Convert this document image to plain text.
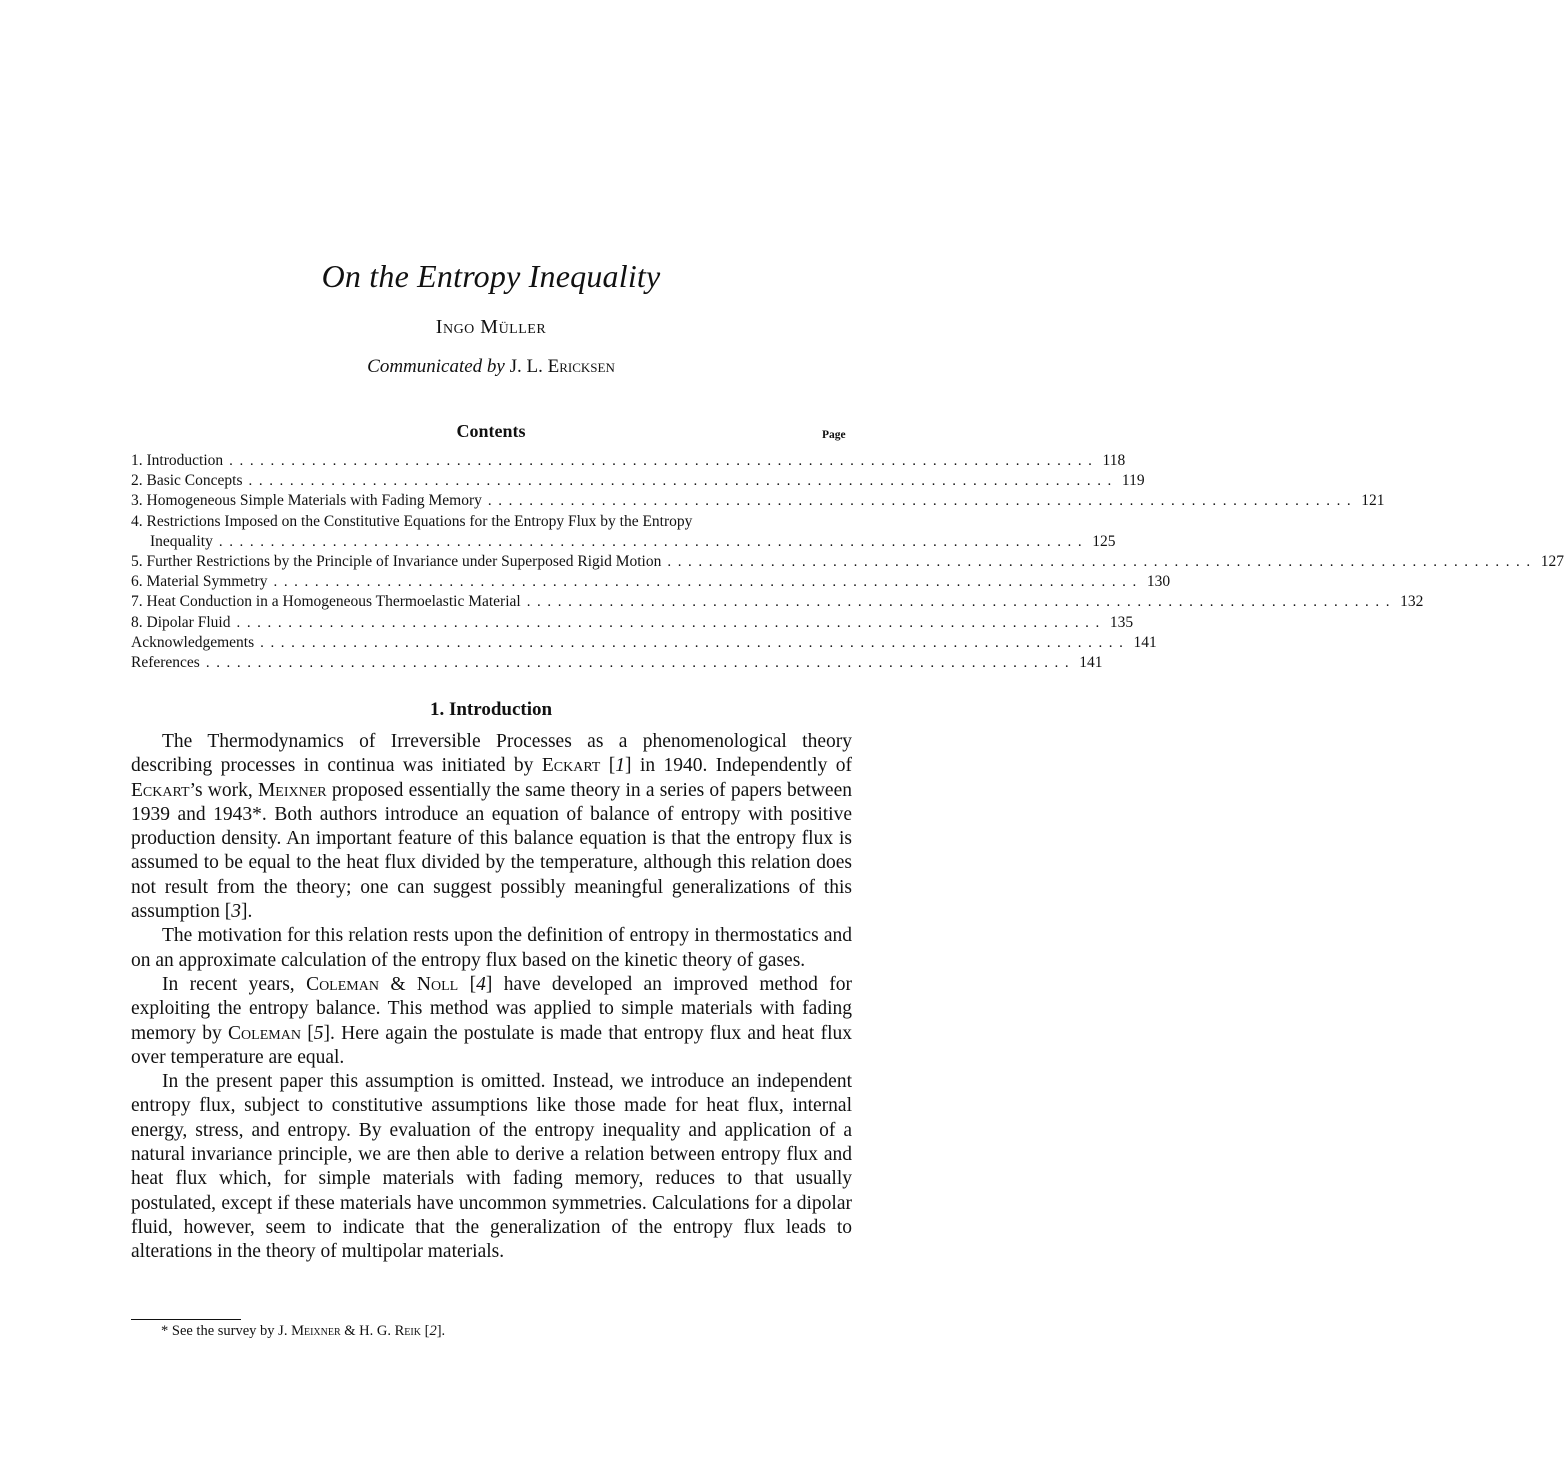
On the Entropy Inequality
Ingo Müller
Communicated by J. L. Ericksen
Contents	Page
1. Introduction .................................................................................... 118
2. Basic Concepts .................................................................................... 119
3. Homogeneous Simple Materials with Fading Memory .................................................................................... 121
4. Restrictions Imposed on the Constitutive Equations for the Entropy Flux by the Entropy
Inequality .................................................................................... 125
5. Further Restrictions by the Principle of Invariance under Superposed Rigid Motion .................................................................................... 127
6. Material Symmetry .................................................................................... 130
7. Heat Conduction in a Homogeneous Thermoelastic Material .................................................................................... 132
8. Dipolar Fluid .................................................................................... 135
Acknowledgements .................................................................................... 141
References .................................................................................... 141
1. Introduction

The Thermodynamics of Irreversible Processes as a phenomenological theory describing processes in continua was initiated by Eckart [1] in 1940. Independently of Eckart’s work, Meixner proposed essentially the same theory in a series of papers between 1939 and 1943*. Both authors introduce an equation of balance of entropy with positive production density. An important feature of this balance equation is that the entropy flux is assumed to be equal to the heat flux divided by the temperature, although this relation does not result from the theory; one can suggest possibly meaningful generalizations of this assumption [3].

The motivation for this relation rests upon the definition of entropy in thermostatics and on an approximate calculation of the entropy flux based on the kinetic theory of gases.

In recent years, Coleman & Noll [4] have developed an improved method for exploiting the entropy balance. This method was applied to simple materials with fading memory by Coleman [5]. Here again the postulate is made that entropy flux and heat flux over temperature are equal.

In the present paper this assumption is omitted. Instead, we introduce an independent entropy flux, subject to constitutive assumptions like those made for heat flux, internal energy, stress, and entropy. By evaluation of the entropy inequality and application of a natural invariance principle, we are then able to derive a relation between entropy flux and heat flux which, for simple materials with fading memory, reduces to that usually postulated, except if these materials have uncommon symmetries. Calculations for a dipolar fluid, however, seem to indicate that the generalization of the entropy flux leads to alterations in the theory of multipolar materials.

* See the survey by J. Meixner & H. G. Reik [2].
